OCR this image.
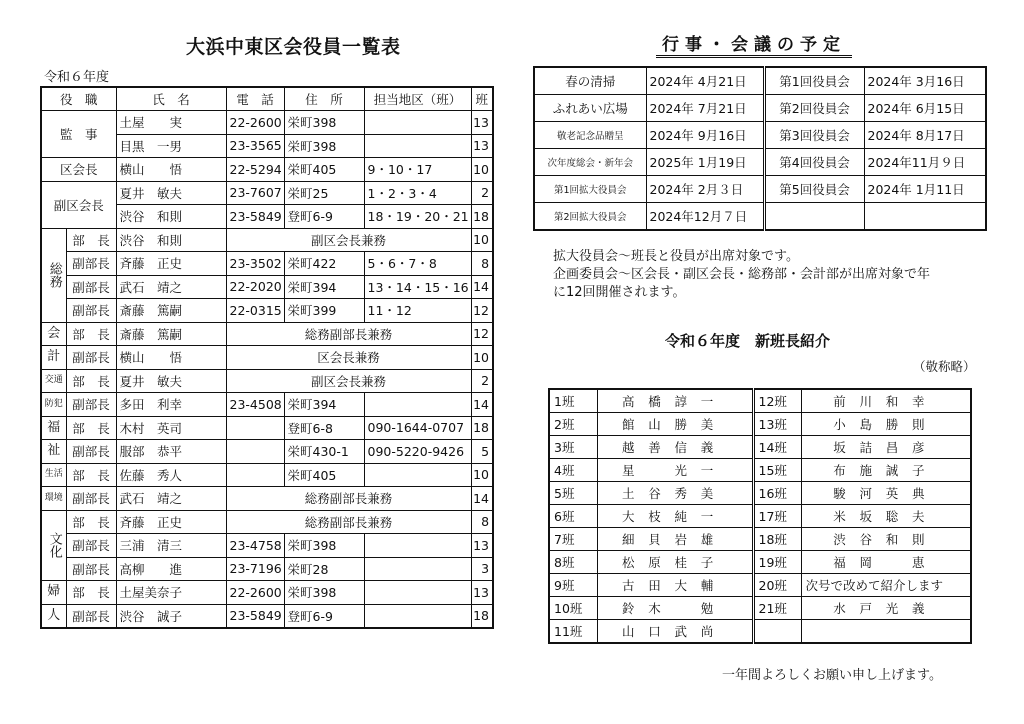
大浜中東区会役員一覧表
令和６年度
役　職		氏　名	電　話	住　所	担当地区（班）	班
監　事		土屋　　実	22-2600	栄町398		13
		目黒　一男	23-3565	栄町398		13
区会長		横山　　悟	22-5294	栄町405	9・10・17	10
副区会長		夏井　敏夫	23-7607	栄町25	1・2・3・4	2
		渋谷　和則	23-5849	登町6-9	18・19・20・21	18
総務	部　長	渋谷　和則	副区会長兼務			10
	副部長	斉藤　正史	23-3502	栄町422	5・6・7・8	8
	副部長	武石　靖之	22-2020	栄町394	13・14・15・16	14
	副部長	斎藤　篤嗣	22-0315	栄町399	11・12	12
会	部　長	斎藤　篤嗣	総務副部長兼務			12
計	副部長	横山　　悟	区会長兼務			10
交通	部　長	夏井　敏夫	副区会長兼務			2
防犯	副部長	多田　利幸	23-4508	栄町394		14
福	部　長	木村　英司		登町6-8	090-1644-0707	18
祉	副部長	服部　恭平		栄町430-1	090-5220-9426	5
生活	部　長	佐藤　秀人		栄町405		10
環境	副部長	武石　靖之	総務副部長兼務			14
文化	部　長	斉藤　正史	総務副部長兼務			8
	副部長	三浦　清三	23-4758	栄町398		13
	副部長	高柳　　進	23-7196	栄町28		3
婦	部　長	土屋美奈子	22-2600	栄町398		13
人	副部長	渋谷　誠子	23-5849	登町6-9		18
行事・会議の予定
春の清掃	2024年 4月21日	第1回役員会	2024年 3月16日
ふれあい広場	2024年 7月21日	第2回役員会	2024年 6月15日
敬老記念品贈呈	2024年 9月16日	第3回役員会	2024年 8月17日
次年度総会・新年会	2025年 1月19日	第4回役員会	2024年11月９日
第1回拡大役員会	2024年 2月３日	第5回役員会	2024年 1月11日
第2回拡大役員会	2024年12月７日		
拡大役員会～班長と役員が出席対象です。
企画委員会～区会長・副区会長・総務部・会計部が出席対象で年
に12回開催されます。
令和６年度　新班長紹介
（敬称略）
1班	高橋諄一	12班	前川和幸
2班	館山勝美	13班	小島勝則
3班	越善信義	14班	坂詰昌彦
4班	星　光一	15班	布施誠子
5班	土谷秀美	16班	駿河英典
6班	大枝純一	17班	米坂聡夫
7班	細貝岩雄	18班	渋谷和則
8班	松原桂子	19班	福岡　恵
9班	古田大輔	20班	次号で改めて紹介します
10班	鈴木　勉	21班	水戸光義
11班	山口武尚		
一年間よろしくお願い申し上げます。
